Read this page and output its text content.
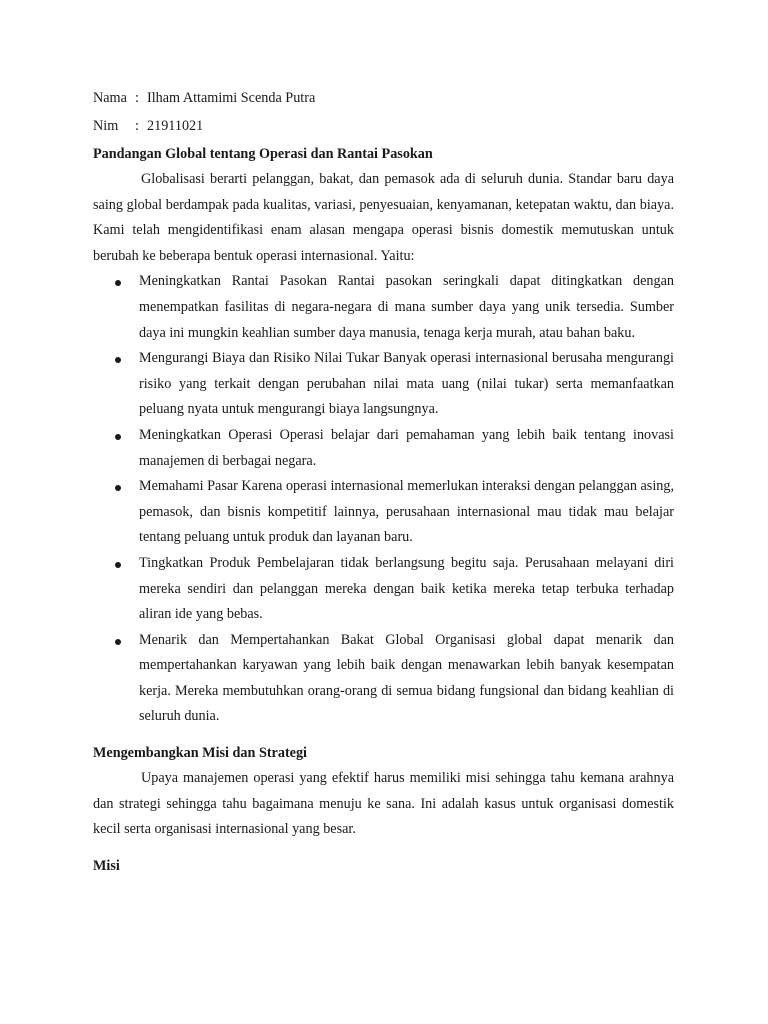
Nama : Ilham Attamimi Scenda Putra
Nim	: 21911021
Pandangan Global tentang Operasi dan Rantai Pasokan
Globalisasi berarti pelanggan, bakat, dan pemasok ada di seluruh dunia. Standar baru daya saing global berdampak pada kualitas, variasi, penyesuaian, kenyamanan, ketepatan waktu, dan biaya. Kami telah mengidentifikasi enam alasan mengapa operasi bisnis domestik memutuskan untuk berubah ke beberapa bentuk operasi internasional. Yaitu:
Meningkatkan Rantai Pasokan Rantai pasokan seringkali dapat ditingkatkan dengan menempatkan fasilitas di negara-negara di mana sumber daya yang unik tersedia. Sumber daya ini mungkin keahlian sumber daya manusia, tenaga kerja murah, atau bahan baku.
Mengurangi Biaya dan Risiko Nilai Tukar Banyak operasi internasional berusaha mengurangi risiko yang terkait dengan perubahan nilai mata uang (nilai tukar) serta memanfaatkan peluang nyata untuk mengurangi biaya langsungnya.
Meningkatkan Operasi Operasi belajar dari pemahaman yang lebih baik tentang inovasi manajemen di berbagai negara.
Memahami Pasar Karena operasi internasional memerlukan interaksi dengan pelanggan asing, pemasok, dan bisnis kompetitif lainnya, perusahaan internasional mau tidak mau belajar tentang peluang untuk produk dan layanan baru.
Tingkatkan Produk Pembelajaran tidak berlangsung begitu saja. Perusahaan melayani diri mereka sendiri dan pelanggan mereka dengan baik ketika mereka tetap terbuka terhadap aliran ide yang bebas.
Menarik dan Mempertahankan Bakat Global Organisasi global dapat menarik dan mempertahankan karyawan yang lebih baik dengan menawarkan lebih banyak kesempatan kerja. Mereka membutuhkan orang-orang di semua bidang fungsional dan bidang keahlian di seluruh dunia.
Mengembangkan Misi dan Strategi
Upaya manajemen operasi yang efektif harus memiliki misi sehingga tahu kemana arahnya dan strategi sehingga tahu bagaimana menuju ke sana. Ini adalah kasus untuk organisasi domestik kecil serta organisasi internasional yang besar.
Misi
